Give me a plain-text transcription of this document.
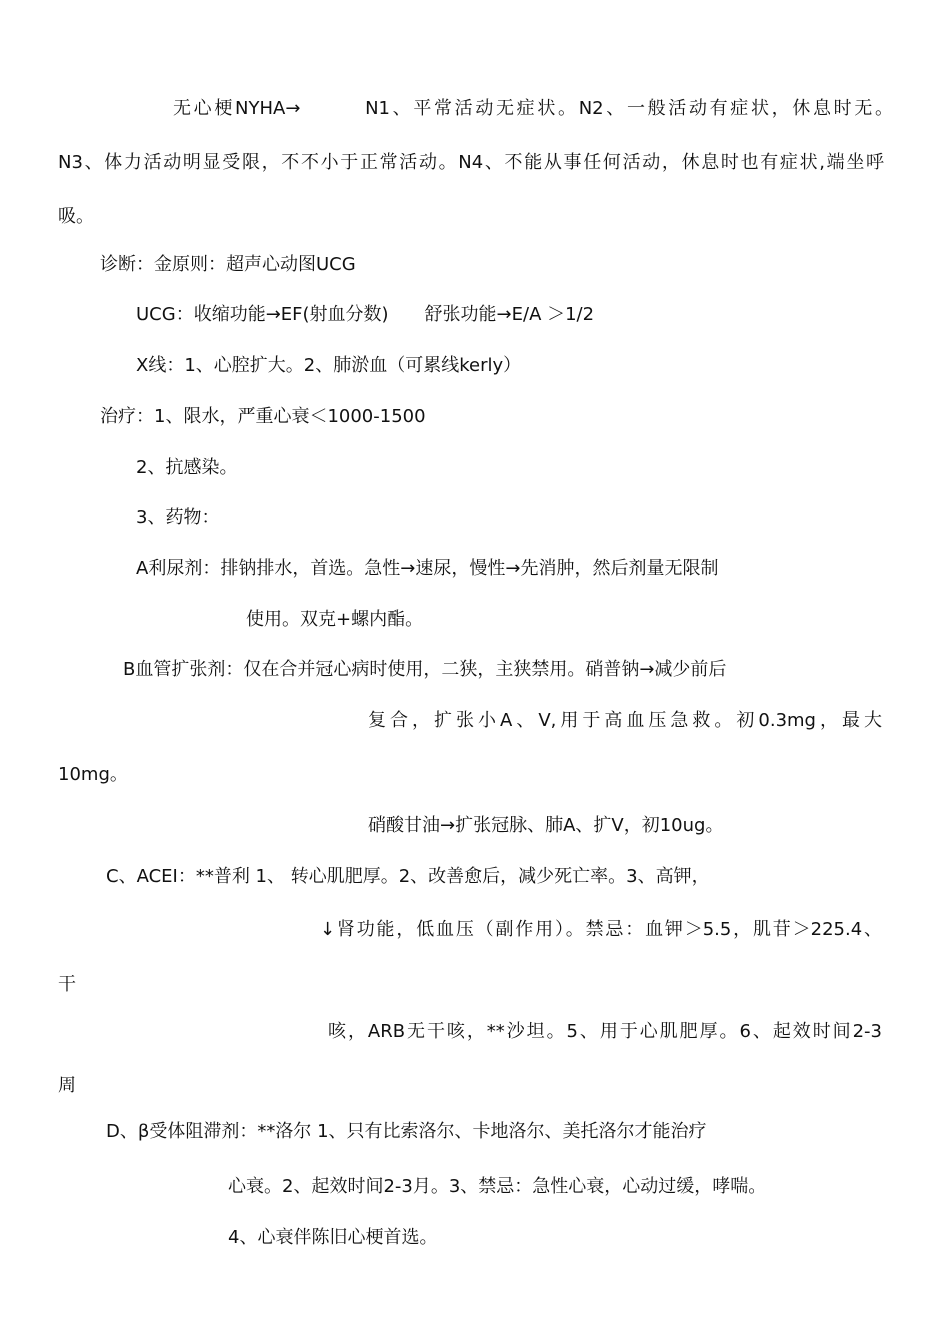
无心梗NYHA→　　　N1、平常活动无症状。N2、一般活动有症状，休息时无。
N3、体力活动明显受限，不不小于正常活动。N4、不能从事任何活动，休息时也有症状,端坐呼
吸。
诊断：金原则：超声心动图UCG
UCG：收缩功能→EF(射血分数)　　舒张功能→E/A ＞1/2
X线：1、心腔扩大。2、肺淤血（可累线kerly）
治疗：1、限水，严重心衰＜1000-1500
2、抗感染。
3、药物：
A利尿剂：排钠排水，首选。急性→速尿，慢性→先消肿，然后剂量无限制
使用。双克+螺内酯。
B血管扩张剂：仅在合并冠心病时使用，二狭，主狭禁用。硝普钠→减少前后
复合，扩张小A、V,用于高血压急救。初0.3mg，最大
10mg。
硝酸甘油→扩张冠脉、肺A、扩V，初10ug。
C、ACEI：**普利 1、 转心肌肥厚。2、改善愈后，减少死亡率。3、高钾，
↓肾功能，低血压（副作用）。禁忌：血钾＞5.5，肌苷＞225.4、
干
咳，ARB无干咳，**沙坦。5、用于心肌肥厚。6、起效时间2-3
周
D、β受体阻滞剂：**洛尔 1、只有比索洛尔、卡地洛尔、美托洛尔才能治疗
心衰。2、起效时间2-3月。3、禁忌：急性心衰，心动过缓，哮喘。
4、心衰伴陈旧心梗首选。
